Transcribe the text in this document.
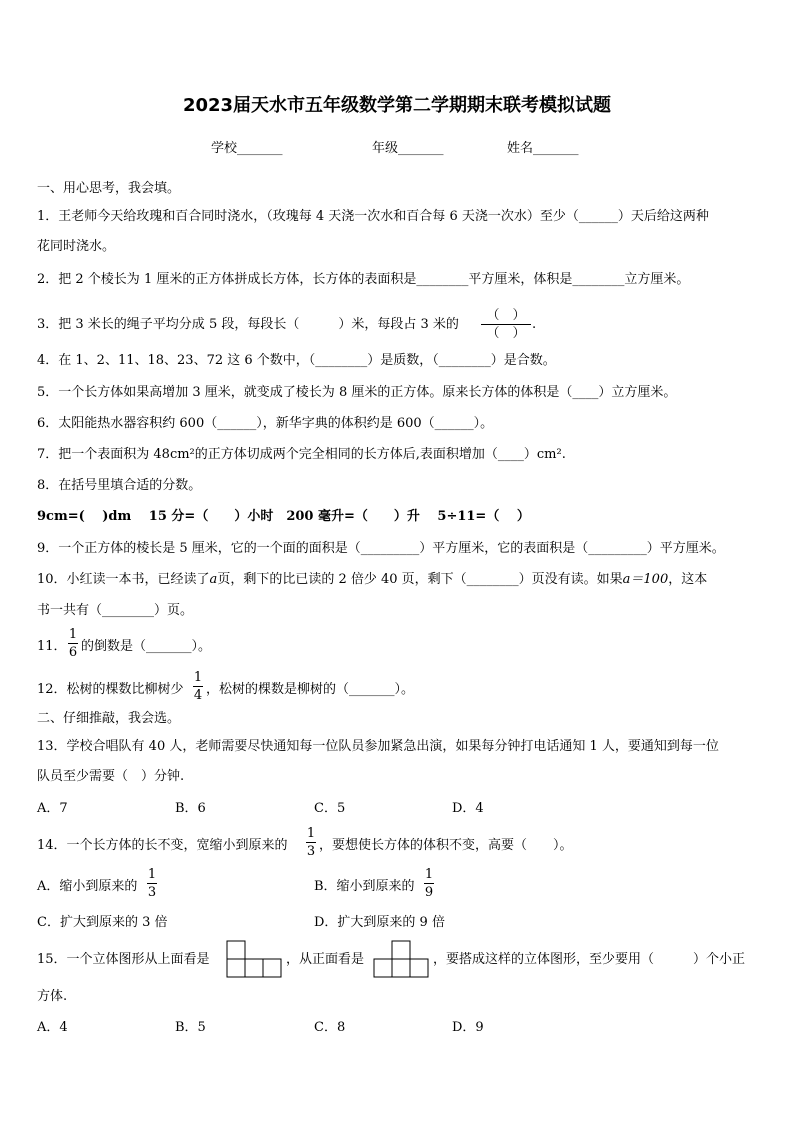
2023届天水市五年级数学第二学期期末联考模拟试题
学校_______	年级_______	姓名_______
一、用心思考，我会填。
1．王老师今天给玫瑰和百合同时浇水，（玫瑰每 4 天浇一次水和百合每 6 天浇一次水）至少（______）天后给这两种
花同时浇水。
2．把 2 个棱长为 1 厘米的正方体拼成长方体，长方体的表面积是________平方厘米，体积是________立方厘米。
3．把 3 米长的绳子平均分成 5 段，每段长（　　　）米，每段占 3 米的
（　）
（　）
.
4．在 1、2、11、18、23、72 这 6 个数中，（________）是质数，（________）是合数。
5．一个长方体如果高增加 3 厘米，就变成了棱长为 8 厘米的正方体。原来长方体的体积是（____）立方厘米。
6．太阳能热水器容积约 600（______），新华字典的体积约是 600（______）。
7．把一个表面积为 48cm²的正方体切成两个完全相同的长方体后,表面积增加（____）cm².
8．在括号里填合适的分数。
9cm=(　 )dm　 15 分=（　　）小时　200 毫升=（　　）升　 5÷11=（　 ）
9．一个正方体的棱长是 5 厘米，它的一个面的面积是（_________）平方厘米，它的表面积是（_________）平方厘米。
10．小红读一本书，已经读了a页，剩下的比已读的 2 倍少 40 页，剩下（________）页没有读。如果a＝100，这本
书一共有（________）页。
11．
1
6 的倒数是（_______）。
12．松树的棵数比柳树少
1
4 ，松树的棵数是柳树的（_______）。
二、仔细推敲，我会选。
13．学校合唱队有 40 人，老师需要尽快通知每一位队员参加紧急出演，如果每分钟打电话通知 1 人，要通知到每一位
队员至少需要（　）分钟.
A．7	B．6	C．5	D．4
14．一个长方体的长不变，宽缩小到原来的
1
3 ，要想使长方体的体积不变，高要（　　）。
A．缩小到原来的
1
3	B．缩小到原来的
1
9
C．扩大到原来的 3 倍	D．扩大到原来的 9 倍
15．一个立体图形从上面看是	，从正面看是	，要搭成这样的立体图形，至少要用（　　　）个小正
方体.
A．4	B．5	C．8	D．9
